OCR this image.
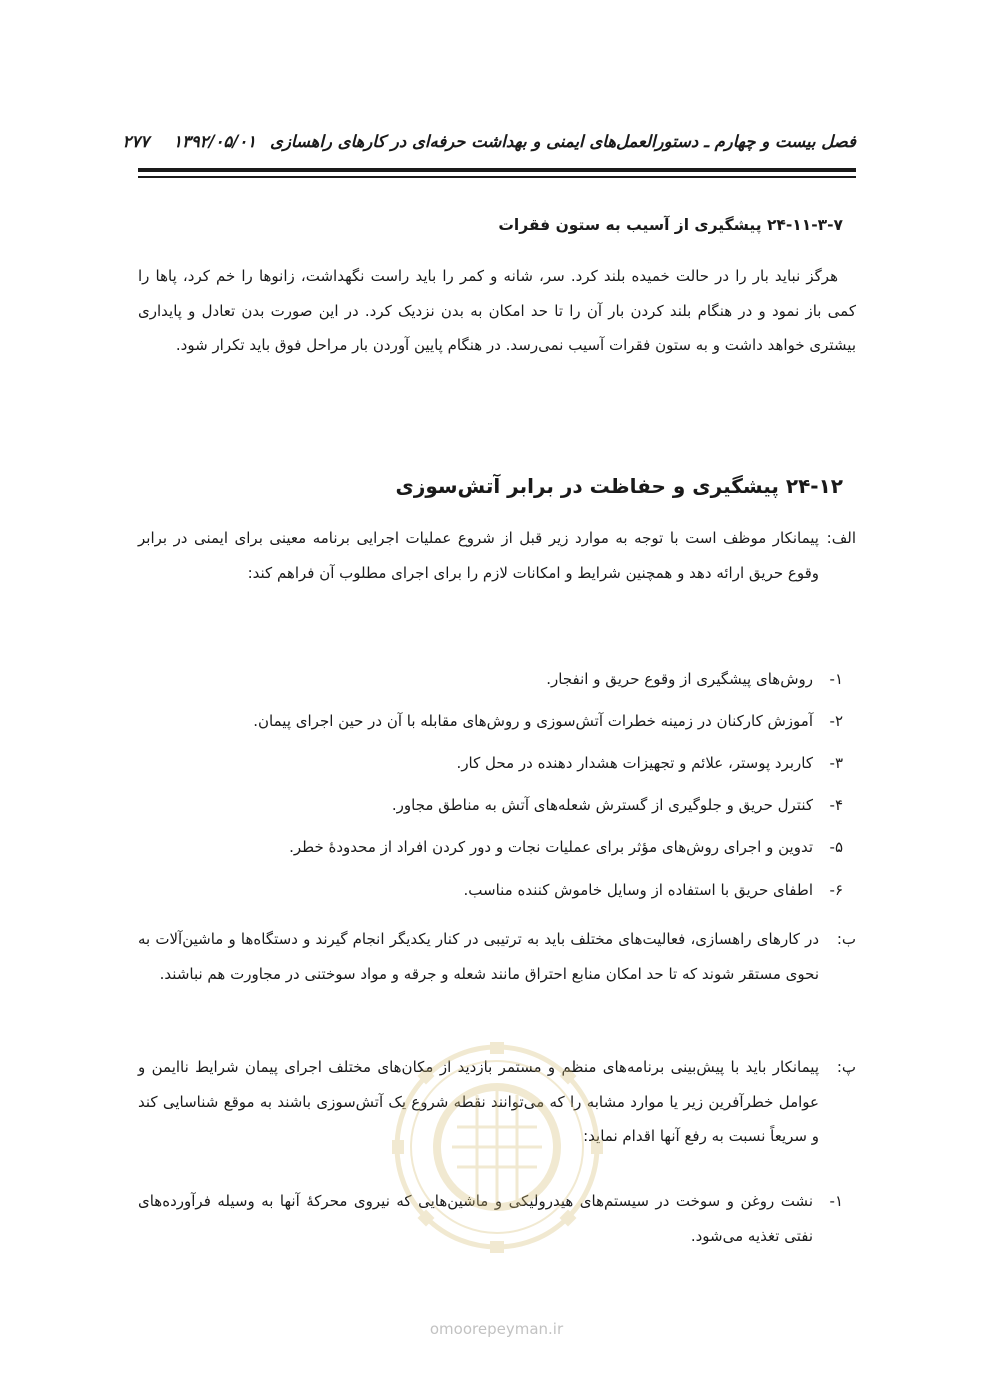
فصل بیست و چهارم ـ دستورالعمل‌های ایمنی و بهداشت حرفه‌ای در کارهای راهسازی
۱۳۹۲/۰۵/۰۱
۲۷۷
۲۴-۱۱-۳-۷ پیشگیری از آسیب به ستون فقرات
هرگز نباید بار را در حالت خمیده بلند کرد. سر، شانه و کمر را باید راست نگهداشت، زانوها را خم کرد، پاها را کمی باز نمود و در هنگام بلند کردن بار آن را تا حد امکان به بدن نزدیک کرد. در این صورت بدن تعادل و پایداری بیشتری خواهد داشت و به ستون فقرات آسیب نمی‌رسد. در هنگام پایین آوردن بار مراحل فوق باید تکرار شود.
۲۴-۱۲ پیشگیری و حفاظت در برابر آتش‌سوزی
الف:
پیمانکار موظف است با توجه به موارد زیر قبل از شروع عملیات اجرایی برنامه معینی برای ایمنی در برابر وقوع حریق ارائه دهد و همچنین شرایط و امکانات لازم را برای اجرای مطلوب آن فراهم کند:
۱-
روش‌های پیشگیری از وقوع حریق و انفجار.
۲-
آموزش کارکنان در زمینه خطرات آتش‌سوزی و روش‌های مقابله با آن در حین اجرای پیمان.
۳-
کاربرد پوستر، علائم و تجهیزات هشدار دهنده در محل کار.
۴-
کنترل حریق و جلوگیری از گسترش شعله‌های آتش به مناطق مجاور.
۵-
تدوین و اجرای روش‌های مؤثر برای عملیات نجات و دور کردن افراد از محدودهٔ خطر.
۶-
اطفای حریق با استفاده از وسایل خاموش کننده مناسب.
ب:
در کارهای راهسازی، فعالیت‌های مختلف باید به ترتیبی در کنار یکدیگر انجام گیرند و دستگاه‌ها و ماشین‌آلات به نحوی مستقر شوند که تا حد امکان منابع احتراق مانند شعله و جرقه و مواد سوختنی در مجاورت هم نباشند.
پ:
پیمانکار باید با پیش‌بینی برنامه‌های منظم و مستمر بازدید از مکان‌های مختلف اجرای پیمان شرایط ناایمن و عوامل خطرآفرین زیر یا موارد مشابه را که می‌توانند نقطه شروع یک آتش‌سوزی باشند به موقع شناسایی کند و سریعاً نسبت به رفع آنها اقدام نماید:
۱-
نشت روغن و سوخت در سیستم‌های هیدرولیکی و ماشین‌هایی که نیروی محرکهٔ آنها به وسیله فرآورده‌های نفتی تغذیه می‌شود.
omoorepeyman.ir
